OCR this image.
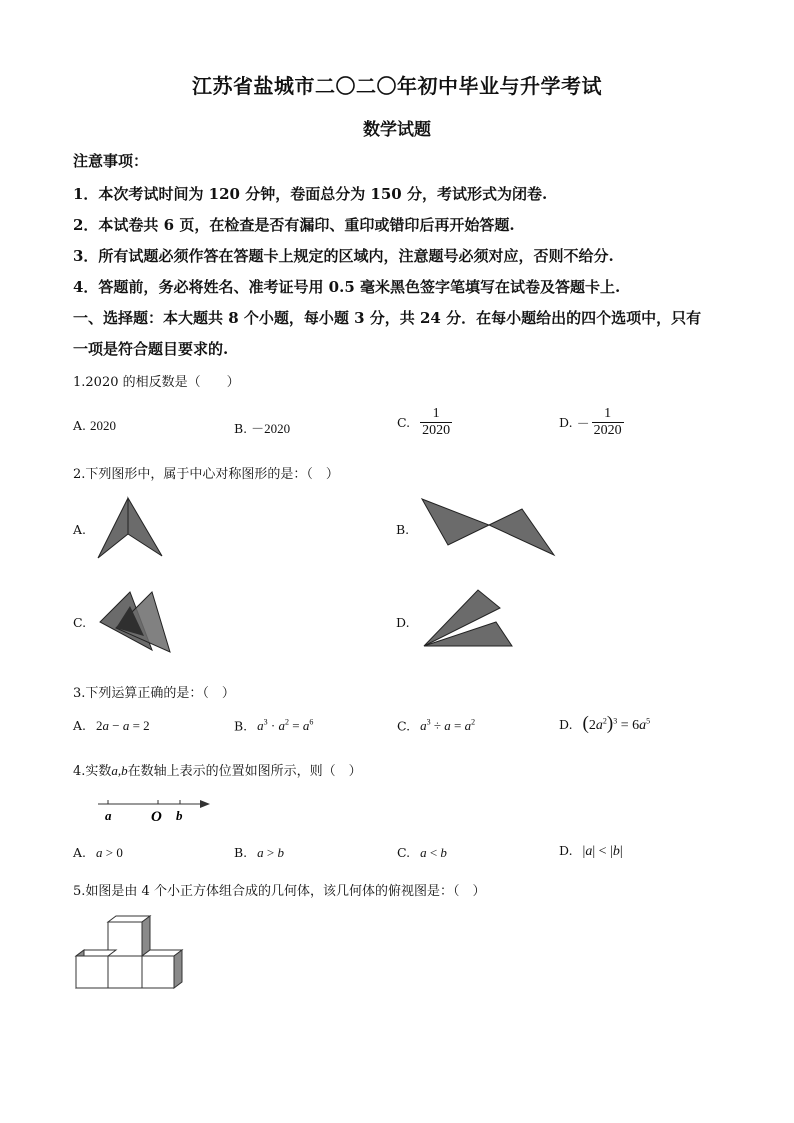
江苏省盐城市二〇二〇年初中毕业与升学考试
数学试题
注意事项：
1．本次考试时间为 120 分钟，卷面总分为 150 分，考试形式为闭卷.
2．本试卷共 6 页，在检查是否有漏印、重印或错印后再开始答题.
3．所有试题必须作答在答题卡上规定的区域内，注意题号必须对应，否则不给分.
4．答题前，务必将姓名、准考证号用 0.5 毫米黑色签字笔填写在试卷及答题卡上.
一、选择题：本大题共 8 个小题，每小题 3 分，共 24 分．在每小题给出的四个选项中，只有
一项是符合题目要求的.
1.2020 的相反数是（　　）
A. 2020	B. －2020	C. $\frac{1}{2020}$	D. － $\frac{1}{2020}$
2.下列图形中，属于中心对称图形的是：（　）
A.	B.
C.	D.
3.下列运算正确的是：（　）
A. 2a − a = 2	B. $a^3 \cdot a^2 = a^6$	C. $a^3 \div a = a^2$	D. $(2a^2)^3 = 6a^5$
4.实数a,b在数轴上表示的位置如图所示，则（　）
a	O b
A. a > 0	B. a > b	C. a < b	D. |a| < |b|
5.如图是由 4 个小正方体组合成的几何体，该几何体的俯视图是：（　）
